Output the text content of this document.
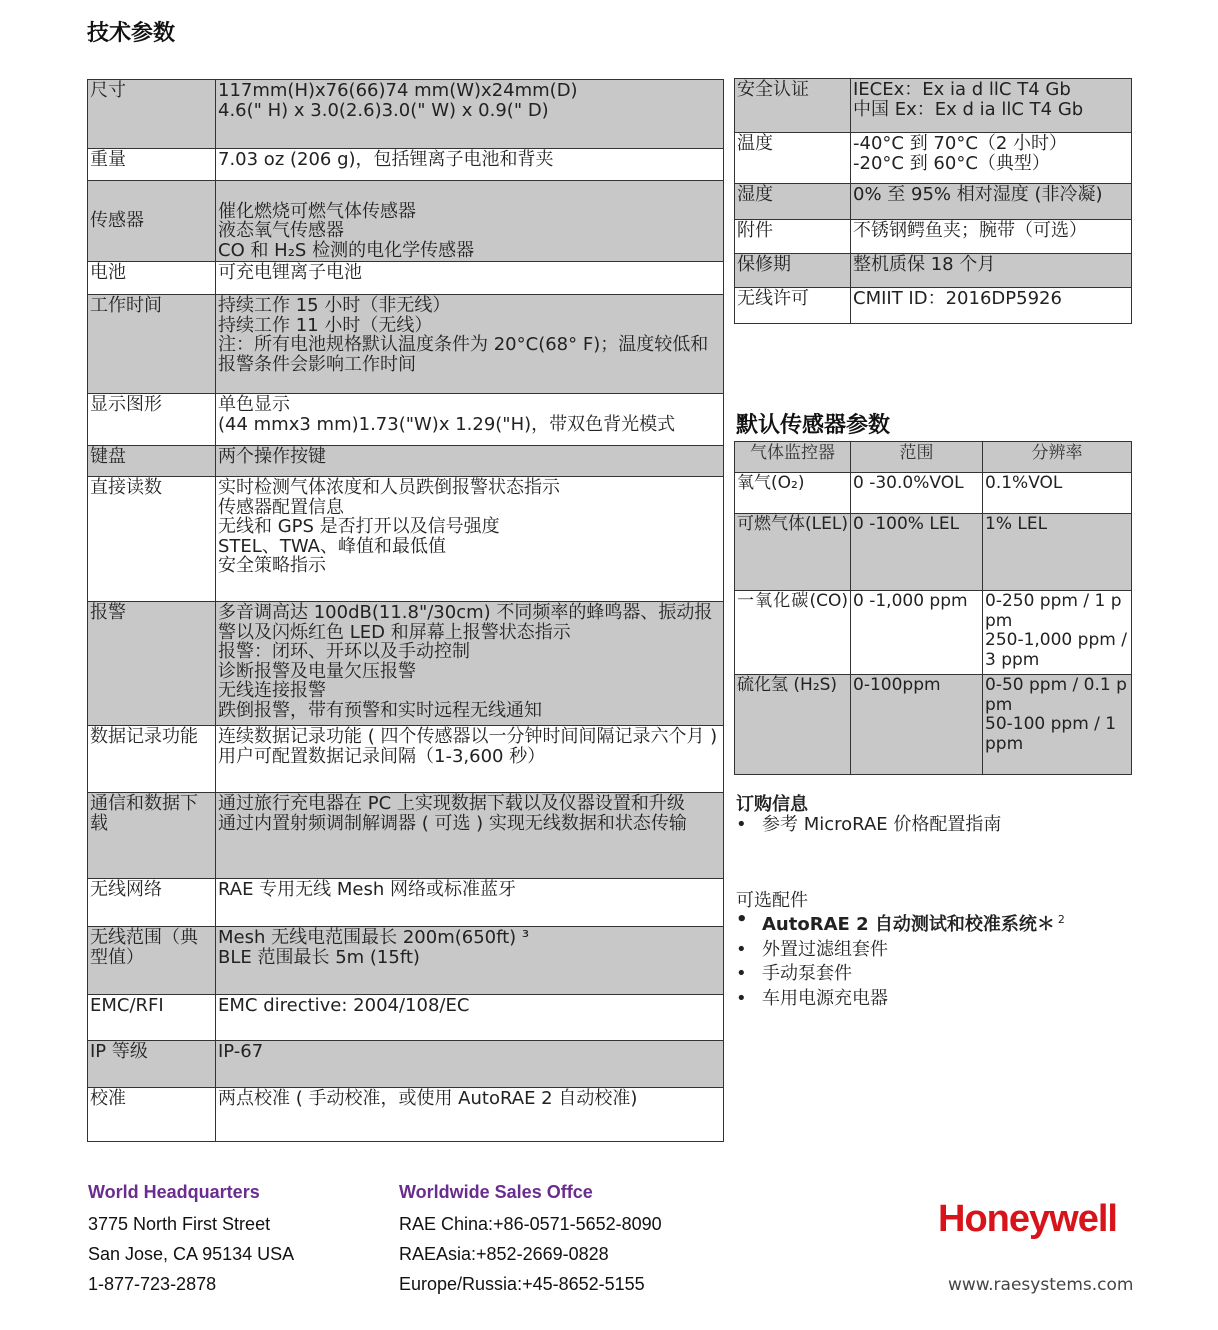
技术参数
尺寸	117mm(H)x76(66)74 mm(W)x24mm(D)
4.6(" H) x 3.0(2.6)3.0(" W) x 0.9(" D)
重量	7.03 oz (206 g)，包括锂离子电池和背夹
传感器	催化燃烧可燃气体传感器
液态氧气传感器
CO 和 H₂S 检测的电化学传感器

电池	可充电锂离子电池
工作时间	持续工作 15 小时（非无线）
持续工作 11 小时（无线）
注：所有电池规格默认温度条件为 20°C(68° F)；温度较低和报警条件会影响工作时间
显示图形	单色显示
(44 mmx3 mm)1.73("W)x 1.29("H)，带双色背光模式
键盘	两个操作按键
直接读数	实时检测气体浓度和人员跌倒报警状态指示
传感器配置信息
无线和 GPS 是否打开以及信号强度
STEL、TWA、峰值和最低值
安全策略指示
报警	多音调高达 100dB(11.8"/30cm) 不同频率的蜂鸣器、振动报警以及闪烁红色 LED 和屏幕上报警状态指示
报警：闭环、开环以及手动控制
诊断报警及电量欠压报警
无线连接报警
跌倒报警，带有预警和实时远程无线通知
数据记录功能	连续数据记录功能 ( 四个传感器以一分钟时间间隔记录六个月 )
用户可配置数据记录间隔（1-3,600 秒）
通信和数据下载	通过旅行充电器在 PC 上实现数据下载以及仪器设置和升级
通过内置射频调制解调器 ( 可选 ) 实现无线数据和状态传输
无线网络	RAE 专用无线 Mesh 网络或标准蓝牙
无线范围（典型值）	Mesh 无线电范围最长 200m(650ft) ³
BLE 范围最长 5m (15ft)
EMC/RFI	EMC directive: 2004/108/EC
IP 等级	IP-67
校准	两点校准 ( 手动校准，或使用 AutoRAE 2 自动校准)
安全认证	IECEx：Ex ia d llC T4 Gb
中国 Ex：Ex d ia llC T4 Gb
温度	-40°C 到 70°C（2 小时）
-20°C 到 60°C（典型）
湿度	0% 至 95% 相对湿度 (非冷凝)
附件	不锈钢鳄鱼夹；腕带（可选）
保修期	整机质保 18 个月
无线许可	CMIIT ID：2016DP5926
默认传感器参数
气体监控器	范围	分辨率
氧气(O₂)	0 -30.0%VOL	0.1%VOL
可燃气体(LEL)	0 -100% LEL	1% LEL
一氧化碳(CO)	0 -1,000 ppm	0-250 ppm / 1 ppm
250-1,000 ppm /3 ppm
硫化氢 (H₂S)	0-100ppm	0-50 ppm / 0.1 ppm
50-100 ppm / 1 ppm
订购信息
• 参考 MicroRAE 价格配置指南
可选配件
• AutoRAE 2 自动测试和校准系统＊ $^2$
• 外置过滤组套件
• 手动泵套件
• 车用电源充电器
World Headquarters
3775 North First Street
San Jose, CA 95134 USA
1-877-723-2878
Worldwide Sales Offce
RAE China:+86-0571-5652-8090
RAEAsia:+852-2669-0828
Europe/Russia:+45-8652-5155
Honeywell
www.raesystems.com
